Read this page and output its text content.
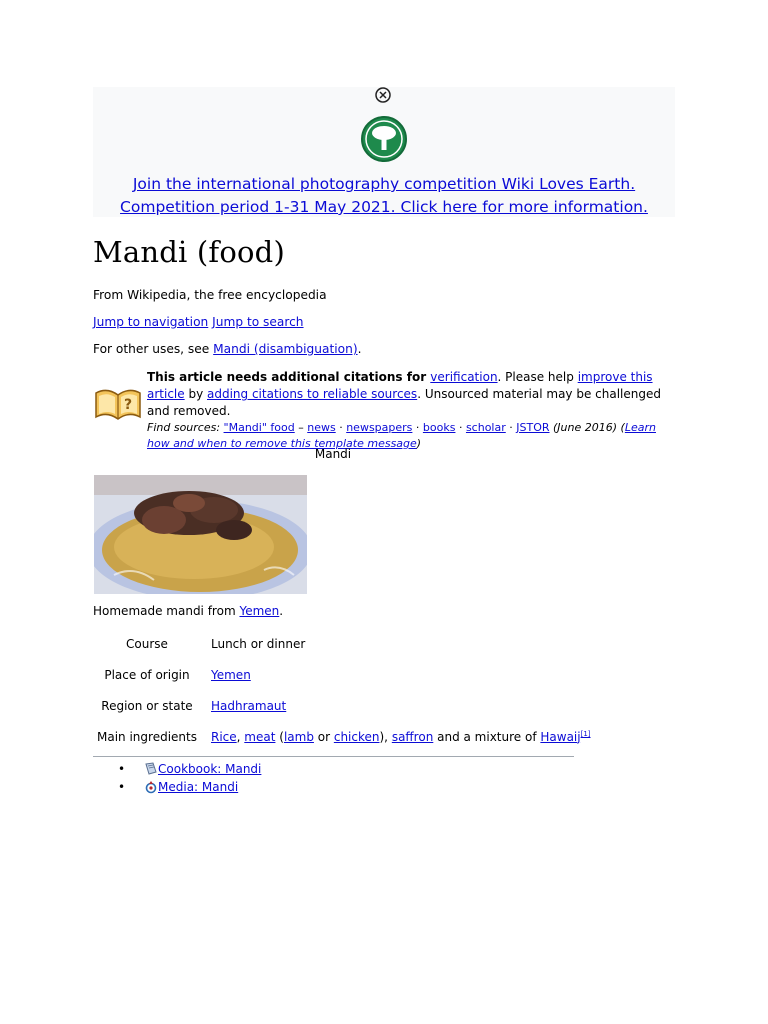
Join the international photography competition Wiki Loves Earth.
Competition period 1-31 May 2021. Click here for more information.
Mandi (food)
From Wikipedia, the free encyclopedia
Jump to navigation Jump to search
For other uses, see Mandi (disambiguation).
?
This article needs additional citations for verification. Please help improve this article by adding citations to reliable sources. Unsourced material may be challenged and removed.
Find sources: "Mandi" food – news · newspapers · books · scholar · JSTOR (June 2016) (Learn how and when to remove this template message)
Mandi
Homemade mandi from Yemen.
Course	Lunch or dinner
Place of origin	Yemen
Region or state	Hadhramaut
Main ingredients	Rice, meat (lamb or chicken), saffron and a mixture of Hawaij[1]
•	Cookbook: Mandi
•	Media: Mandi
